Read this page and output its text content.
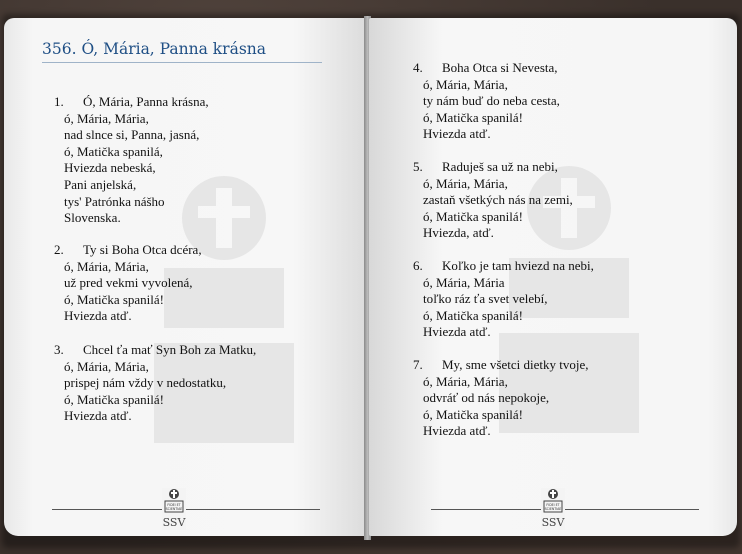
356. Ó, Mária, Panna krásna
1. Ó, Mária, Panna krásna,
ó, Mária, Mária,
nad slnce si, Panna, jasná,
ó, Matička spanilá,
Hviezda nebeská,
Pani anjelská,
tys' Patrónka nášho
Slovenska.
2. Ty si Boha Otca dcéra,
ó, Mária, Mária,
už pred vekmi vyvolená,
ó, Matička spanilá!
Hviezda atď.
3. Chcel ťa mať Syn Boh za Matku,
ó, Mária, Mária,
prispej nám vždy v nedostatku,
ó, Matička spanilá!
Hviezda atď.
FIDEI ET
SCIENTIAE
SSV
4. Boha Otca si Nevesta,
ó, Mária, Mária,
ty nám buď do neba cesta,
ó, Matička spanilá!
Hviezda atď.
5. Raduješ sa už na nebi,
ó, Mária, Mária,
zastaň všetkých nás na zemi,
ó, Matička spanilá!
Hviezda, atď.
6. Koľko je tam hviezd na nebi,
ó, Mária, Mária
toľko ráz ťa svet velebí,
ó, Matička spanilá!
Hviezda atď.
7. My, sme všetci dietky tvoje,
ó, Mária, Mária,
odvráť od nás nepokoje,
ó, Matička spanilá!
Hviezda atď.
FIDEI ET
SCIENTIAE
SSV
